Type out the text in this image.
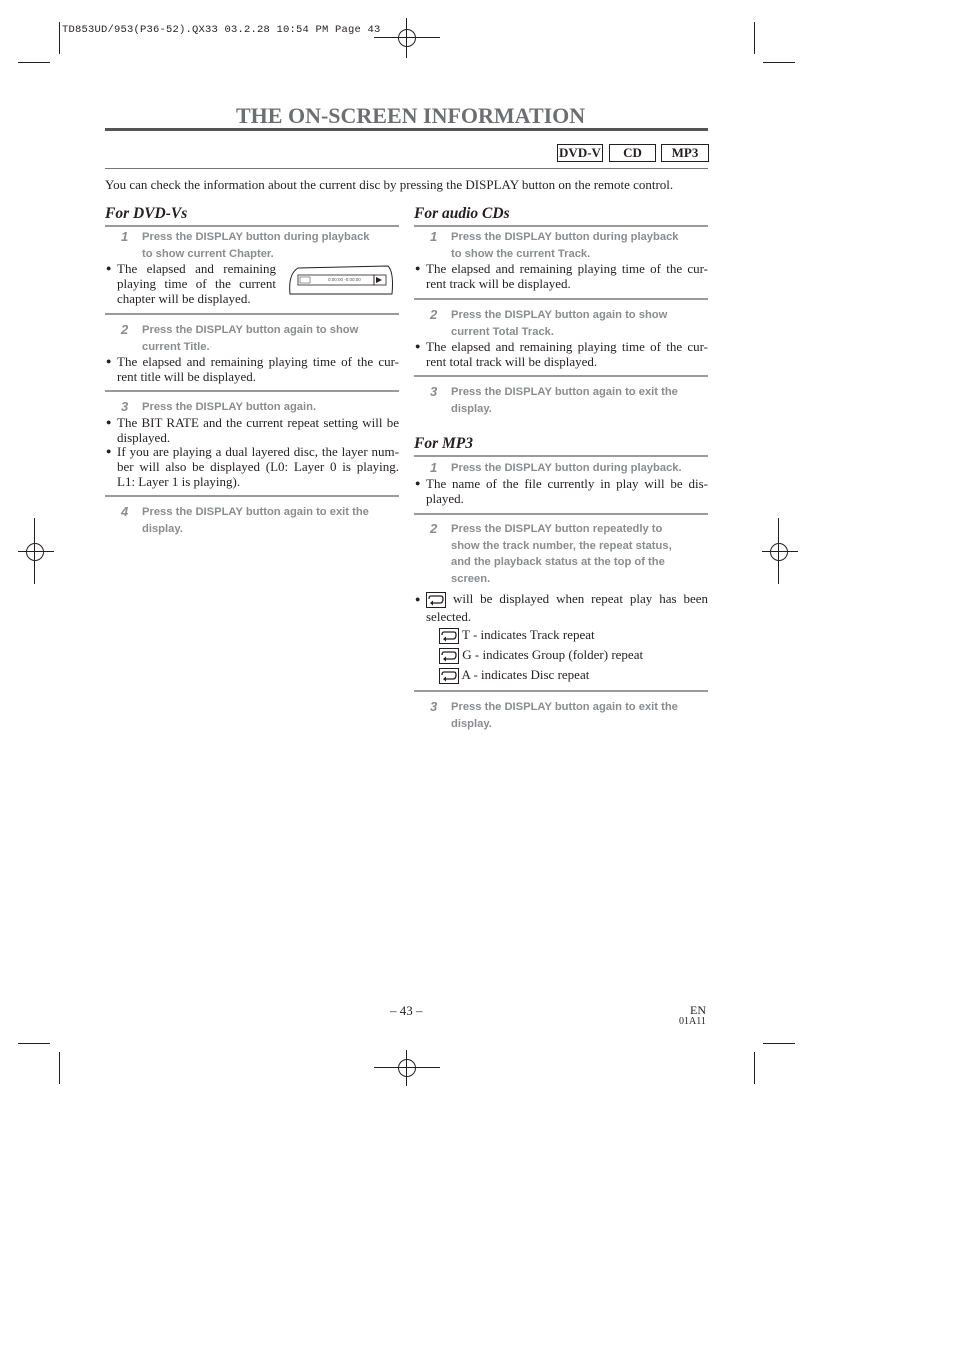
TD853UD/953(P36-52).QX33 03.2.28 10:54 PM Page 43
THE ON-SCREEN INFORMATION
DVD-V	CD	MP3
You can check the information about the current disc by pressing the DISPLAY button on the remote control.
For DVD-Vs
1 Press the DISPLAY button during playback
to show current Chapter.
● The elapsed and remaining
playing time of the current
chapter will be displayed.
0:00:00 -0:00:00
2 Press the DISPLAY button again to show
current Title.
● The elapsed and remaining playing time of the cur-
rent title will be displayed.
3 Press the DISPLAY button again.
● The BIT RATE and the current repeat setting will be
displayed.
● If you are playing a dual layered disc, the layer num-
ber will also be displayed (L0: Layer 0 is playing.
L1: Layer 1 is playing).
4 Press the DISPLAY button again to exit the
display.
For audio CDs
1 Press the DISPLAY button during playback
to show the current Track.
● The elapsed and remaining playing time of the cur-
rent track will be displayed.
2 Press the DISPLAY button again to show
current Total Track.
● The elapsed and remaining playing time of the cur-
rent total track will be displayed.
3 Press the DISPLAY button again to exit the
display.
For MP3
1 Press the DISPLAY button during playback.
● The name of the file currently in play will be dis-
played.
2 Press the DISPLAY button repeatedly to
show the track number, the repeat status,
and the playback status at the top of the
screen.
●	will be displayed when repeat play has been
selected.
T - indicates Track repeat
G - indicates Group (folder) repeat
A - indicates Disc repeat
3 Press the DISPLAY button again to exit the
display.
– 43 –	EN
01A11
